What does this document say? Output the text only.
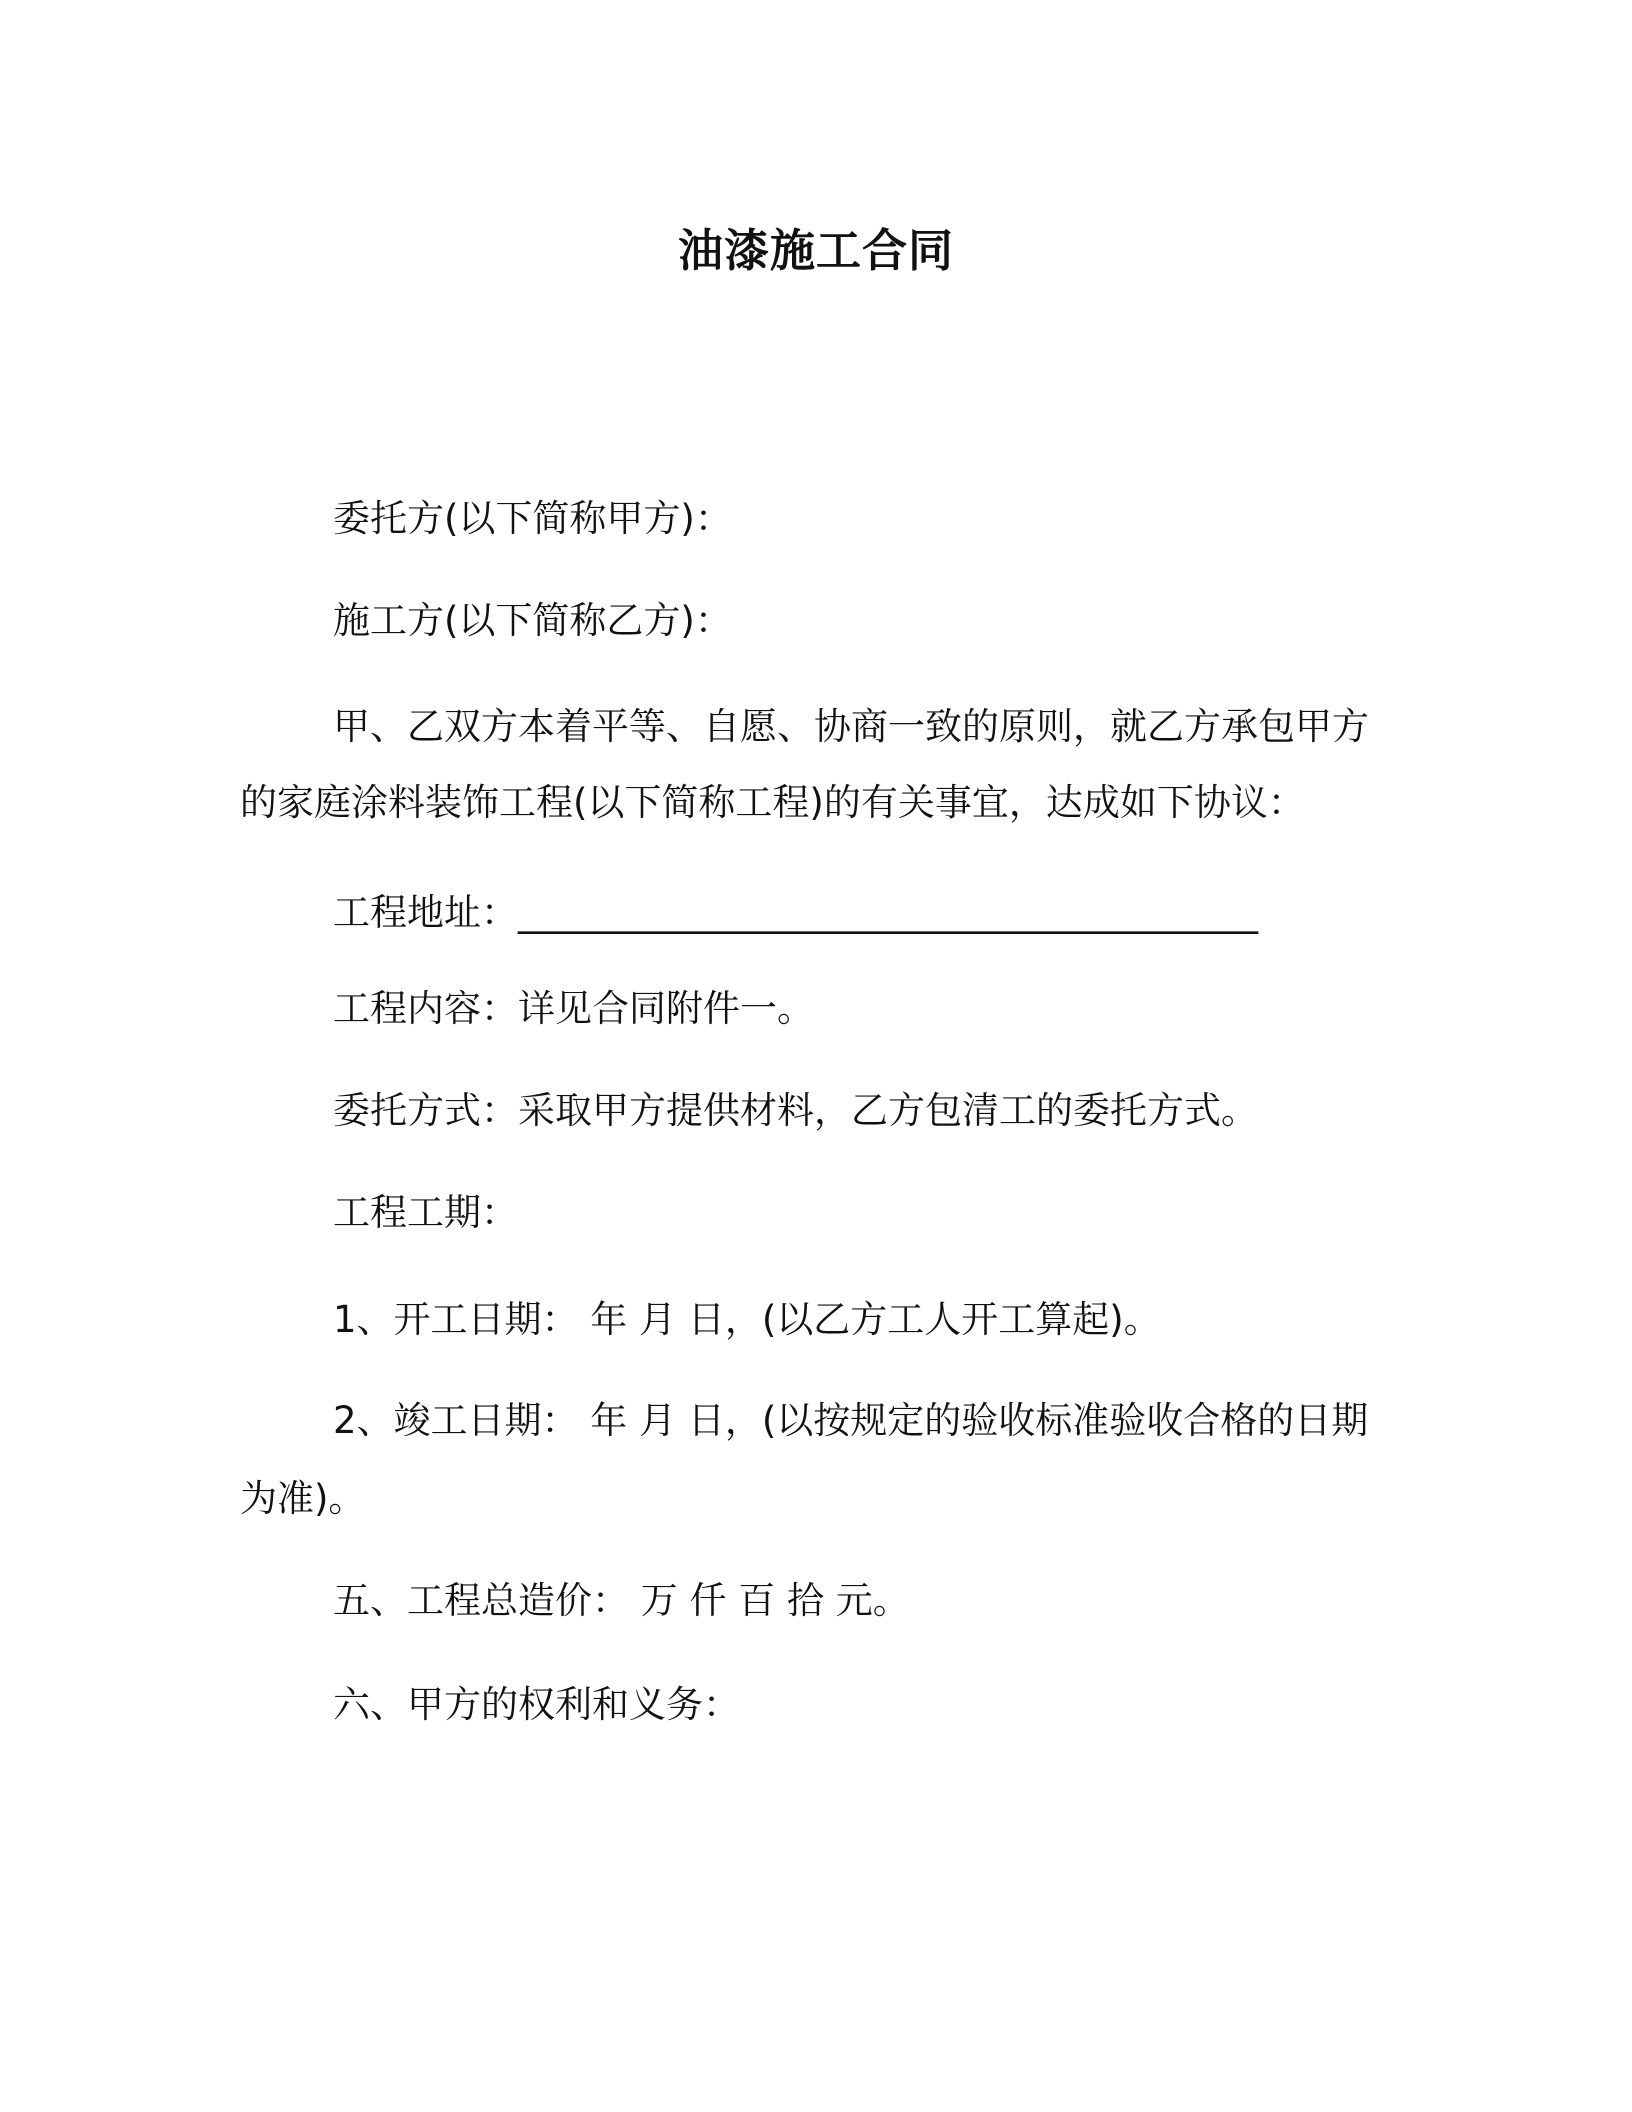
油漆施工合同
委托方(以下简称甲方)：
施工方(以下简称乙方)：
甲、乙双方本着平等、自愿、协商一致的原则，就乙方承包甲方
的家庭涂料装饰工程(以下简称工程)的有关事宜，达成如下协议：
工程地址：________________________________________
工程内容：详见合同附件一。
委托方式：采取甲方提供材料，乙方包清工的委托方式。
工程工期：
1、开工日期： 年 月 日，(以乙方工人开工算起)。
2、竣工日期： 年 月 日，(以按规定的验收标准验收合格的日期
为准)。
五、工程总造价： 万 仟 百 拾 元。
六、甲方的权利和义务：
